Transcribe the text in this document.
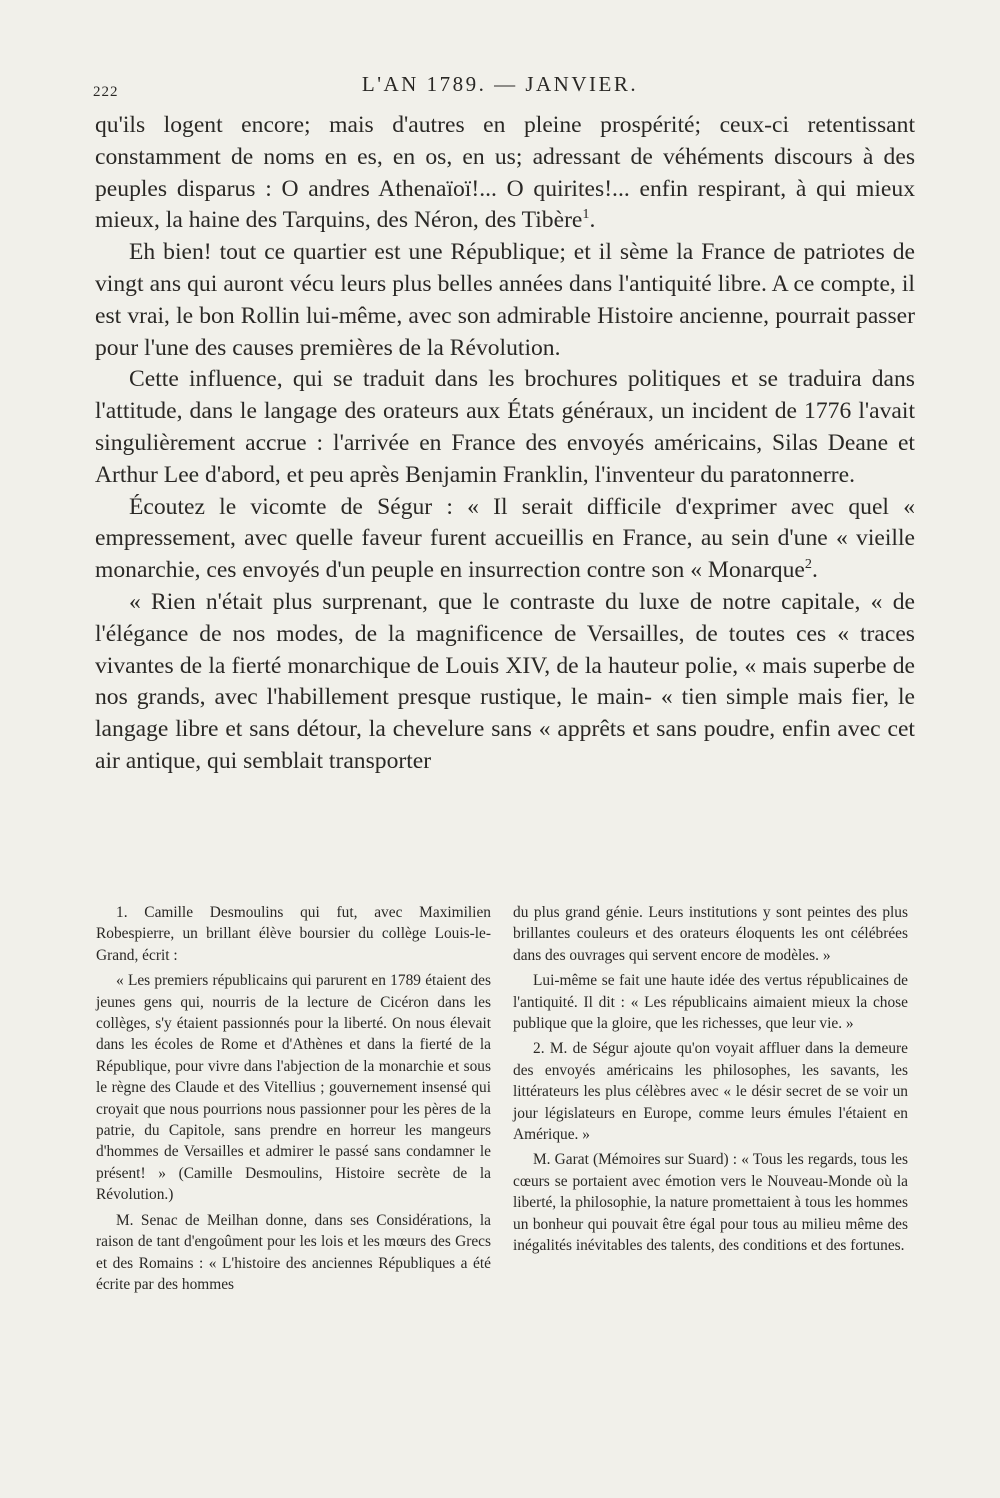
222	L'AN 1789. — JANVIER.

qu'ils logent encore; mais d'autres en pleine prospérité; ceux-ci retentissant constamment de noms en es, en os, en us; adressant de véhéments discours à des peuples disparus : O andres Athenaïoï!... O quirites!... enfin respirant, à qui mieux mieux, la haine des Tarquins, des Néron, des Tibère$^1$.

Eh bien! tout ce quartier est une République; et il sème la France de patriotes de vingt ans qui auront vécu leurs plus belles années dans l'antiquité libre. A ce compte, il est vrai, le bon Rollin lui-même, avec son admirable Histoire ancienne, pourrait passer pour l'une des causes premières de la Révolution.

Cette influence, qui se traduit dans les brochures politiques et se traduira dans l'attitude, dans le langage des orateurs aux États généraux, un incident de 1776 l'avait singulièrement accrue : l'arrivée en France des envoyés américains, Silas Deane et Arthur Lee d'abord, et peu après Benjamin Franklin, l'inventeur du paratonnerre.

Écoutez le vicomte de Ségur : « Il serait difficile d'exprimer avec quel « empressement, avec quelle faveur furent accueillis en France, au sein d'une « vieille monarchie, ces envoyés d'un peuple en insurrection contre son « Monarque$^2$.

« Rien n'était plus surprenant, que le contraste du luxe de notre capitale, « de l'élégance de nos modes, de la magnificence de Versailles, de toutes ces « traces vivantes de la fierté monarchique de Louis XIV, de la hauteur polie, « mais superbe de nos grands, avec l'habillement presque rustique, le main- « tien simple mais fier, le langage libre et sans détour, la chevelure sans « apprêts et sans poudre, enfin avec cet air antique, qui semblait transporter

1. Camille Desmoulins qui fut, avec Maximilien Robespierre, un brillant élève boursier du collège Louis-le-Grand, écrit :

« Les premiers républicains qui parurent en 1789 étaient des jeunes gens qui, nourris de la lecture de Cicéron dans les collèges, s'y étaient passionnés pour la liberté. On nous élevait dans les écoles de Rome et d'Athènes et dans la fierté de la République, pour vivre dans l'abjection de la monarchie et sous le règne des Claude et des Vitellius ; gouvernement insensé qui croyait que nous pourrions nous passionner pour les pères de la patrie, du Capitole, sans prendre en horreur les mangeurs d'hommes de Versailles et admirer le passé sans condamner le présent! » (Camille Desmoulins, Histoire secrète de la Révolution.)

M. Senac de Meilhan donne, dans ses Considérations, la raison de tant d'engoûment pour les lois et les mœurs des Grecs et des Romains : « L'histoire des anciennes Républiques a été écrite par des hommes

du plus grand génie. Leurs institutions y sont peintes des plus brillantes couleurs et des orateurs éloquents les ont célébrées dans des ouvrages qui servent encore de modèles. »

Lui-même se fait une haute idée des vertus républicaines de l'antiquité. Il dit : « Les républicains aimaient mieux la chose publique que la gloire, que les richesses, que leur vie. »

2. M. de Ségur ajoute qu'on voyait affluer dans la demeure des envoyés américains les philosophes, les savants, les littérateurs les plus célèbres avec « le désir secret de se voir un jour législateurs en Europe, comme leurs émules l'étaient en Amérique. »

M. Garat (Mémoires sur Suard) : « Tous les regards, tous les cœurs se portaient avec émotion vers le Nouveau-Monde où la liberté, la philosophie, la nature promettaient à tous les hommes un bonheur qui pouvait être égal pour tous au milieu même des inégalités inévitables des talents, des conditions et des fortunes.
